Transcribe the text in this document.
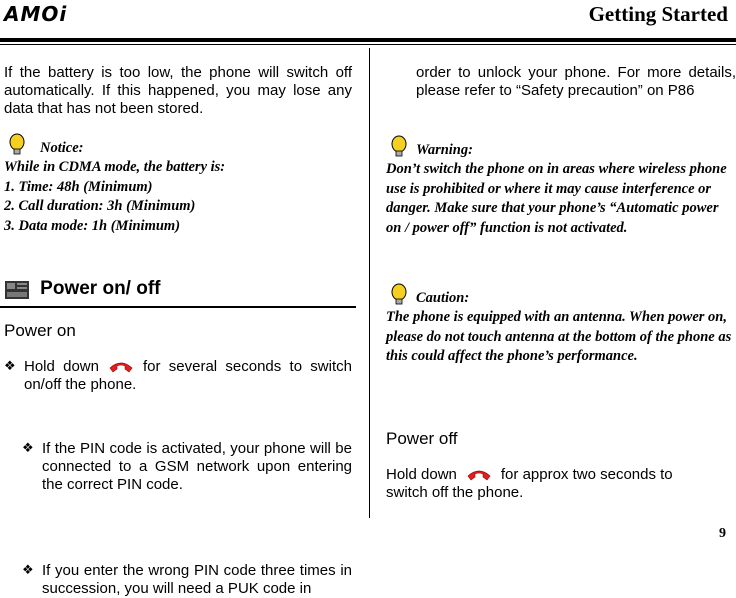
AMOi	Getting Started
If the battery is too low, the phone will switch off automatically. If this happened, you may lose any data that has not been stored.
Notice:
While in CDMA mode, the battery is:
1. Time: 48h (Minimum)
2. Call duration: 3h (Minimum)
3. Data mode: 1h (Minimum)
Power on/ off
Power on
❖ Hold down	for several seconds to switch on/off the phone.
❖ If the PIN code is activated, your phone will be connected to a GSM network upon entering the correct PIN code.
❖ If you enter the wrong PIN code three times in succession, you will need a PUK code in
order to unlock your phone. For more details, please refer to “Safety precaution” on P86
Warning:
Don’t switch the phone on in areas where wireless phone use is prohibited or where it may cause interference or danger. Make sure that your phone’s “Automatic power on / power off” function is not activated.
Caution:
The phone is equipped with an antenna. When power on, please do not touch antenna at the bottom of the phone as this could affect the phone’s performance.
Power off
Hold down	for approx two seconds to switch off the phone.
9
